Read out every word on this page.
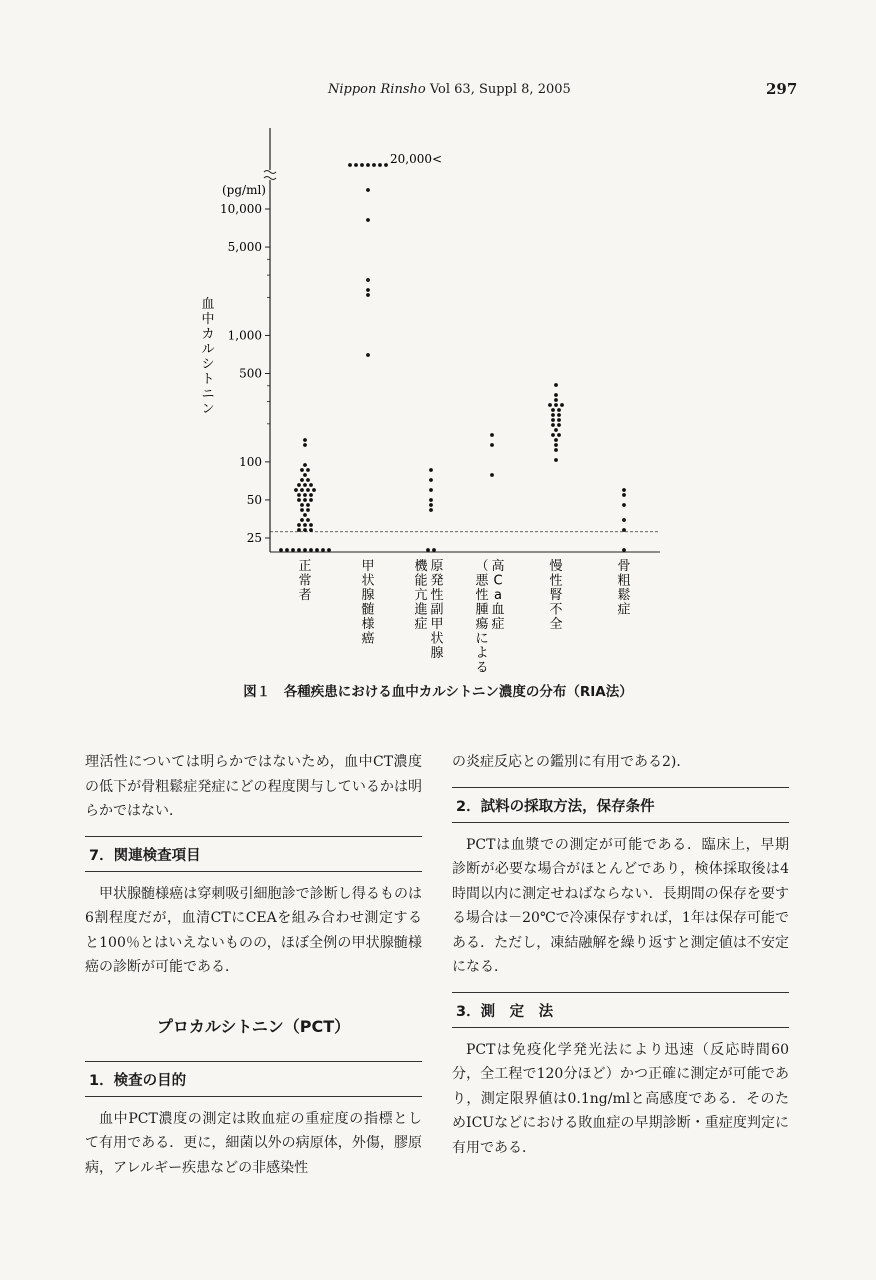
Nippon Rinsho Vol 63, Suppl 8, 2005	297
25
50
100
500
1,000
5,000
10,000
正
常
者
甲
状
腺
髄
様
癌
原
発
性
副
甲
状
腺
機
能
亢
進
症
高
C
a
血
症
（
悪
性
腫
瘍
に
よ
る
慢
性
腎
不
全
骨
粗
鬆
症
(pg/ml)
20,000<
血
中
カ
ル
シ
ト
ニ
ン
図１　各種疾患における血中カルシトニン濃度の分布（RIA法）

理活性については明らかではないため，血中CT濃度の低下が骨粗鬆症発症にどの程度関与しているかは明らかではない．

7．関連検査項目

甲状腺髄様癌は穿刺吸引細胞診で診断し得るものは6割程度だが，血清CTにCEAを組み合わせ測定すると100％とはいえないものの，ほぼ全例の甲状腺髄様癌の診断が可能である．

プロカルシトニン（PCT）
1．検査の目的

血中PCT濃度の測定は敗血症の重症度の指標として有用である．更に，細菌以外の病原体，外傷，膠原病，アレルギー疾患などの非感染性

の炎症反応との鑑別に有用である2)．

2．試料の採取方法，保存条件

PCTは血漿での測定が可能である．臨床上，早期診断が必要な場合がほとんどであり，検体採取後は4時間以内に測定せねばならない．長期間の保存を要する場合は－20℃で冷凍保存すれば，1年は保存可能である．ただし，凍結融解を繰り返すと測定値は不安定になる．

3．測　定　法

PCTは免疫化学発光法により迅速（反応時間60分，全工程で120分ほど）かつ正確に測定が可能であり，測定限界値は0.1ng/mlと高感度である．そのためICUなどにおける敗血症の早期診断・重症度判定に有用である．
